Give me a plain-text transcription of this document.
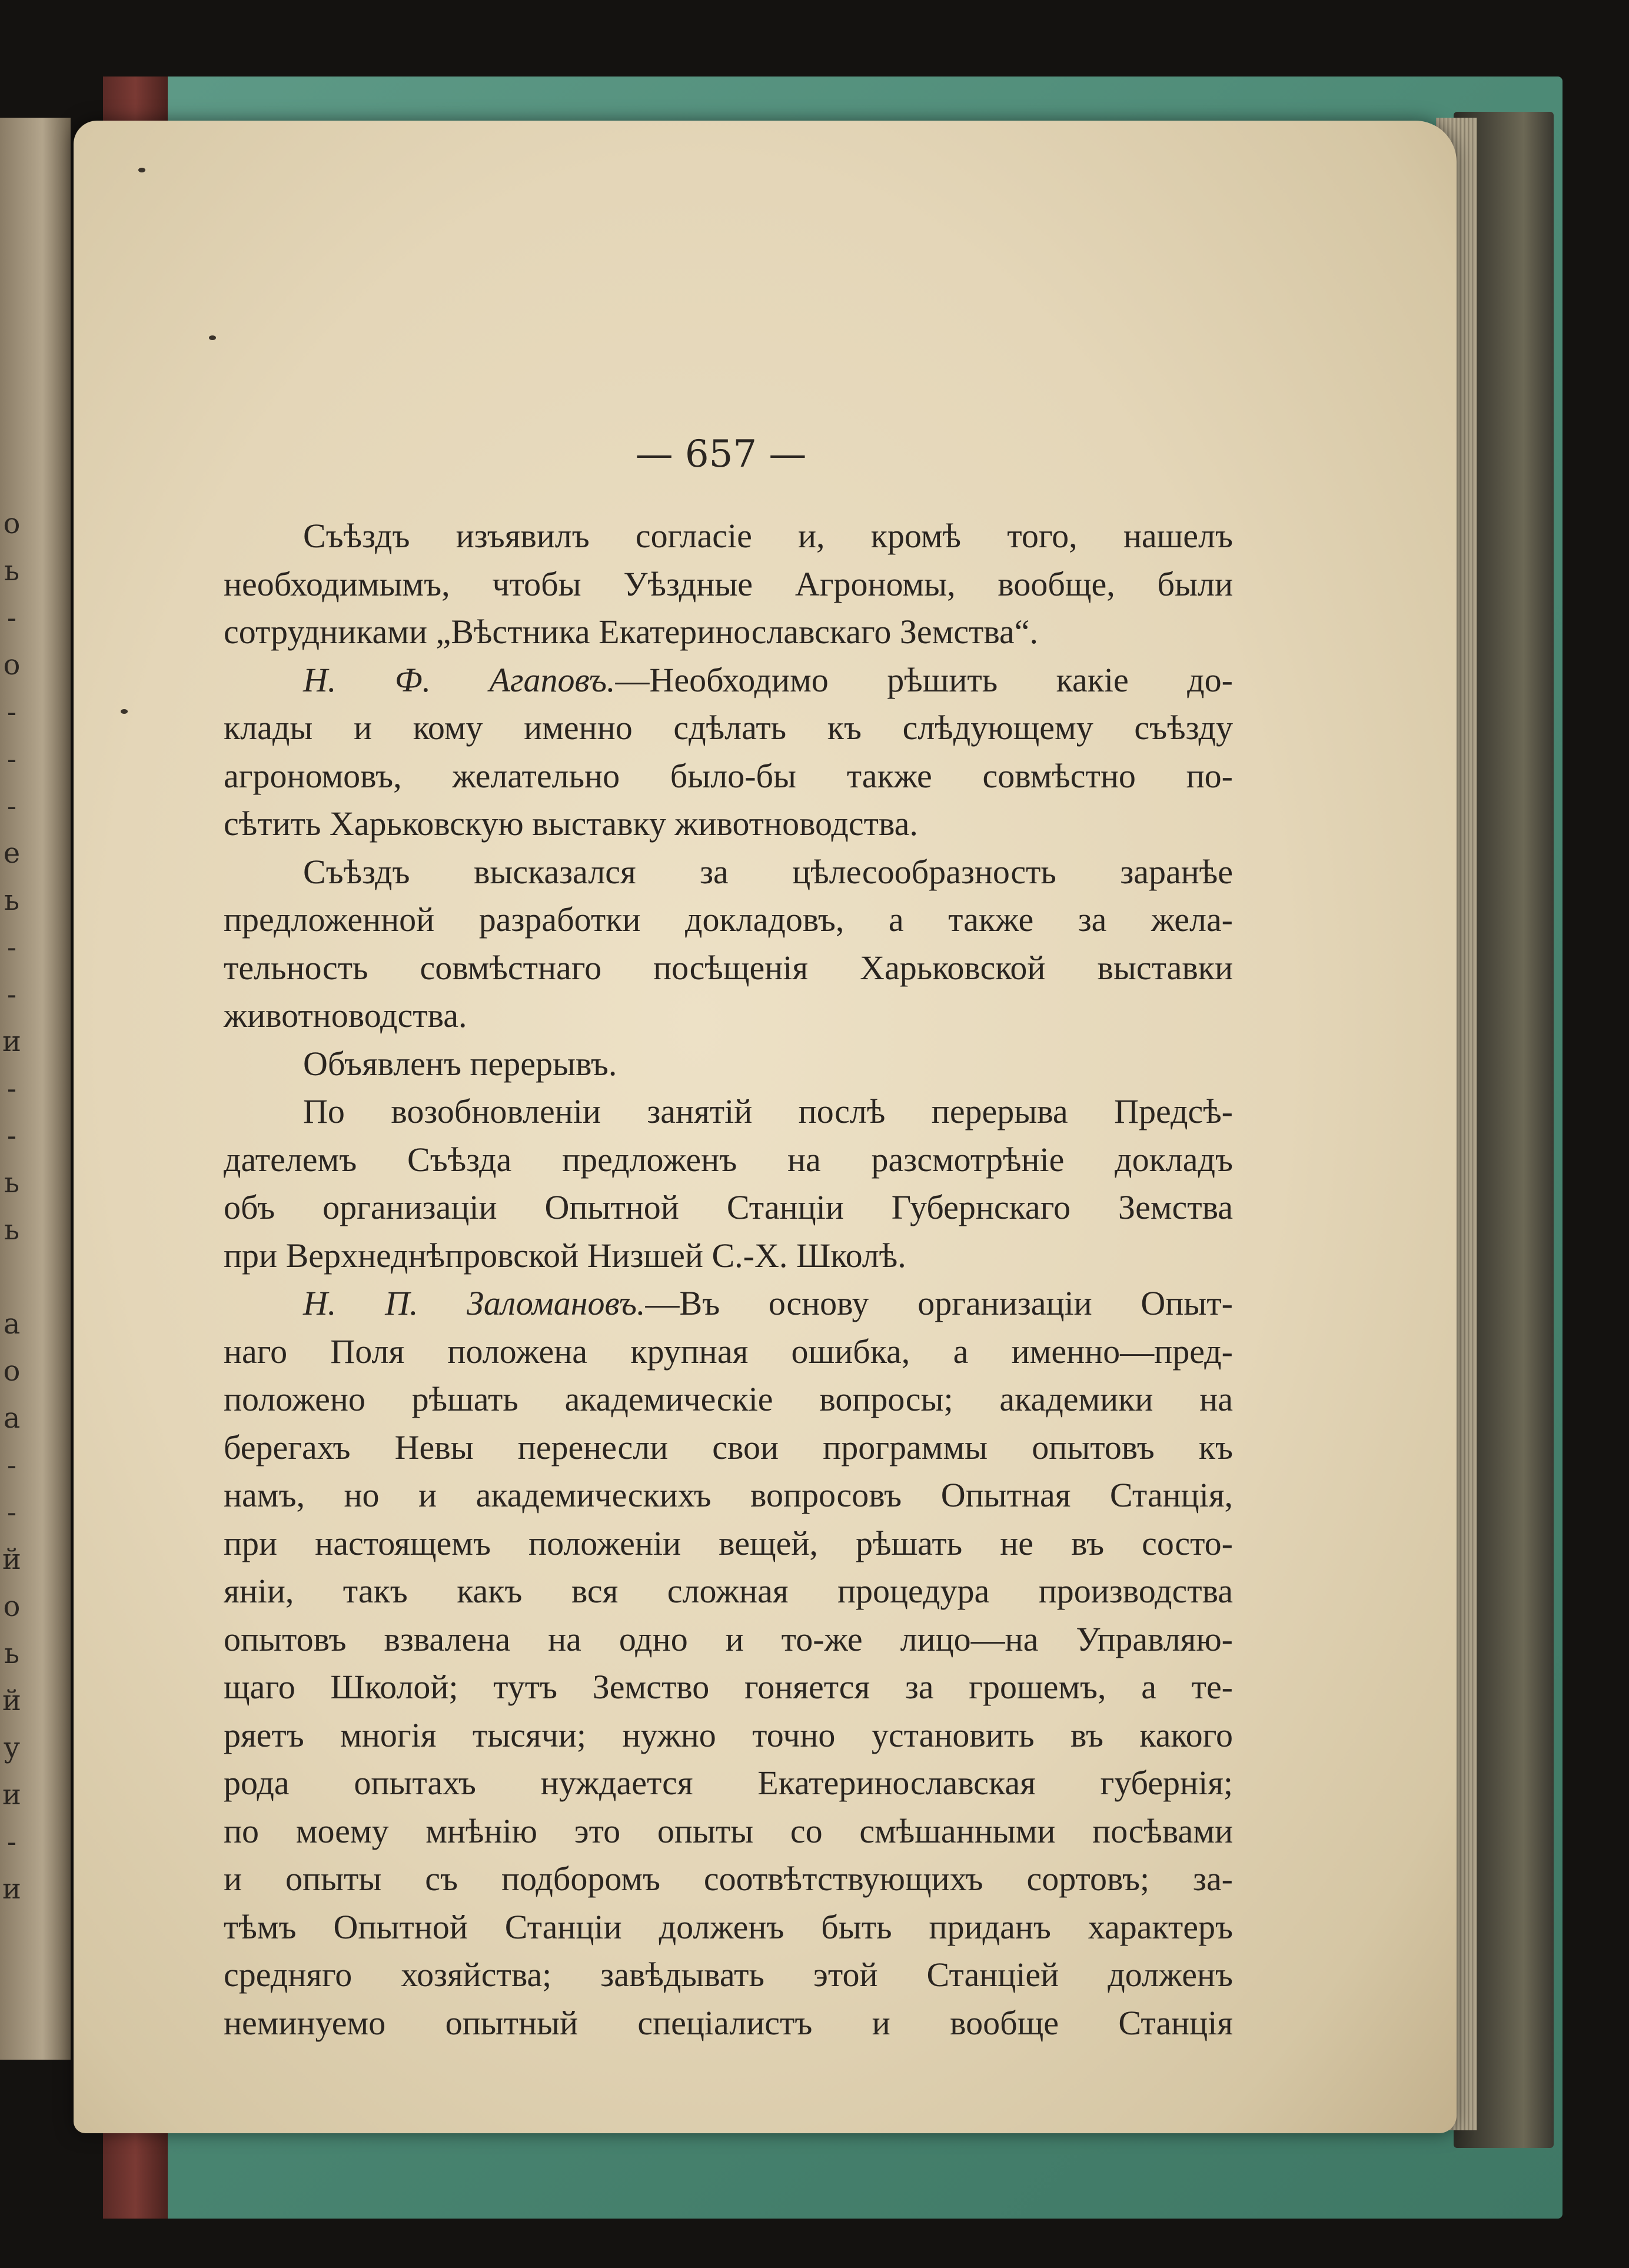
о
ь
-
о
-
-
-
е
ь
-
-
и
-
-
ь
ь

а
о
а
-
-
й
о
ь
й
у
и
-
и
— 657 —
Съѣздъ изъявилъ согласіе и, кромѣ того, нашелъ
необходимымъ, чтобы Уѣздные Агрономы, вообще, были
сотрудниками „Вѣстника Екатеринославскаго Земства“.
Н. Ф. Агаповъ.—Необходимо рѣшить какіе до-
клады и кому именно сдѣлать къ слѣдующему съѣзду
агрономовъ, желательно было-бы также совмѣстно по-
сѣтить Харьковскую выставку животноводства.
Съѣздъ высказался за цѣлесообразность заранѣе
предложенной разработки докладовъ, а также за жела-
тельность совмѣстнаго посѣщенія Харьковской выставки
животноводства.
Объявленъ перерывъ.
По возобновленіи занятій послѣ перерыва Предсѣ-
дателемъ Съѣзда предложенъ на разсмотрѣніе докладъ
объ организаціи Опытной Станціи Губернскаго Земства
при Верхнеднѣпровской Низшей С.-Х. Школѣ.
Н. П. Заломановъ.—Въ основу организаціи Опыт-
наго Поля положена крупная ошибка, а именно—пред-
положено рѣшать академическіе вопросы; академики на
берегахъ Невы перенесли свои программы опытовъ къ
намъ, но и академическихъ вопросовъ Опытная Станція,
при настоящемъ положеніи вещей, рѣшать не въ состо-
яніи, такъ какъ вся сложная процедура производства
опытовъ взвалена на одно и то-же лицо—на Управляю-
щаго Школой; тутъ Земство гоняется за грошемъ, а те-
ряетъ многія тысячи; нужно точно установить въ какого
рода опытахъ нуждается Екатеринославская губернія;
по моему мнѣнію это опыты со смѣшанными посѣвами
и опыты съ подборомъ соотвѣтствующихъ сортовъ; за-
тѣмъ Опытной Станціи долженъ быть приданъ характеръ
средняго хозяйства; завѣдывать этой Станціей долженъ
неминуемо опытный спеціалистъ и вообще Станція
